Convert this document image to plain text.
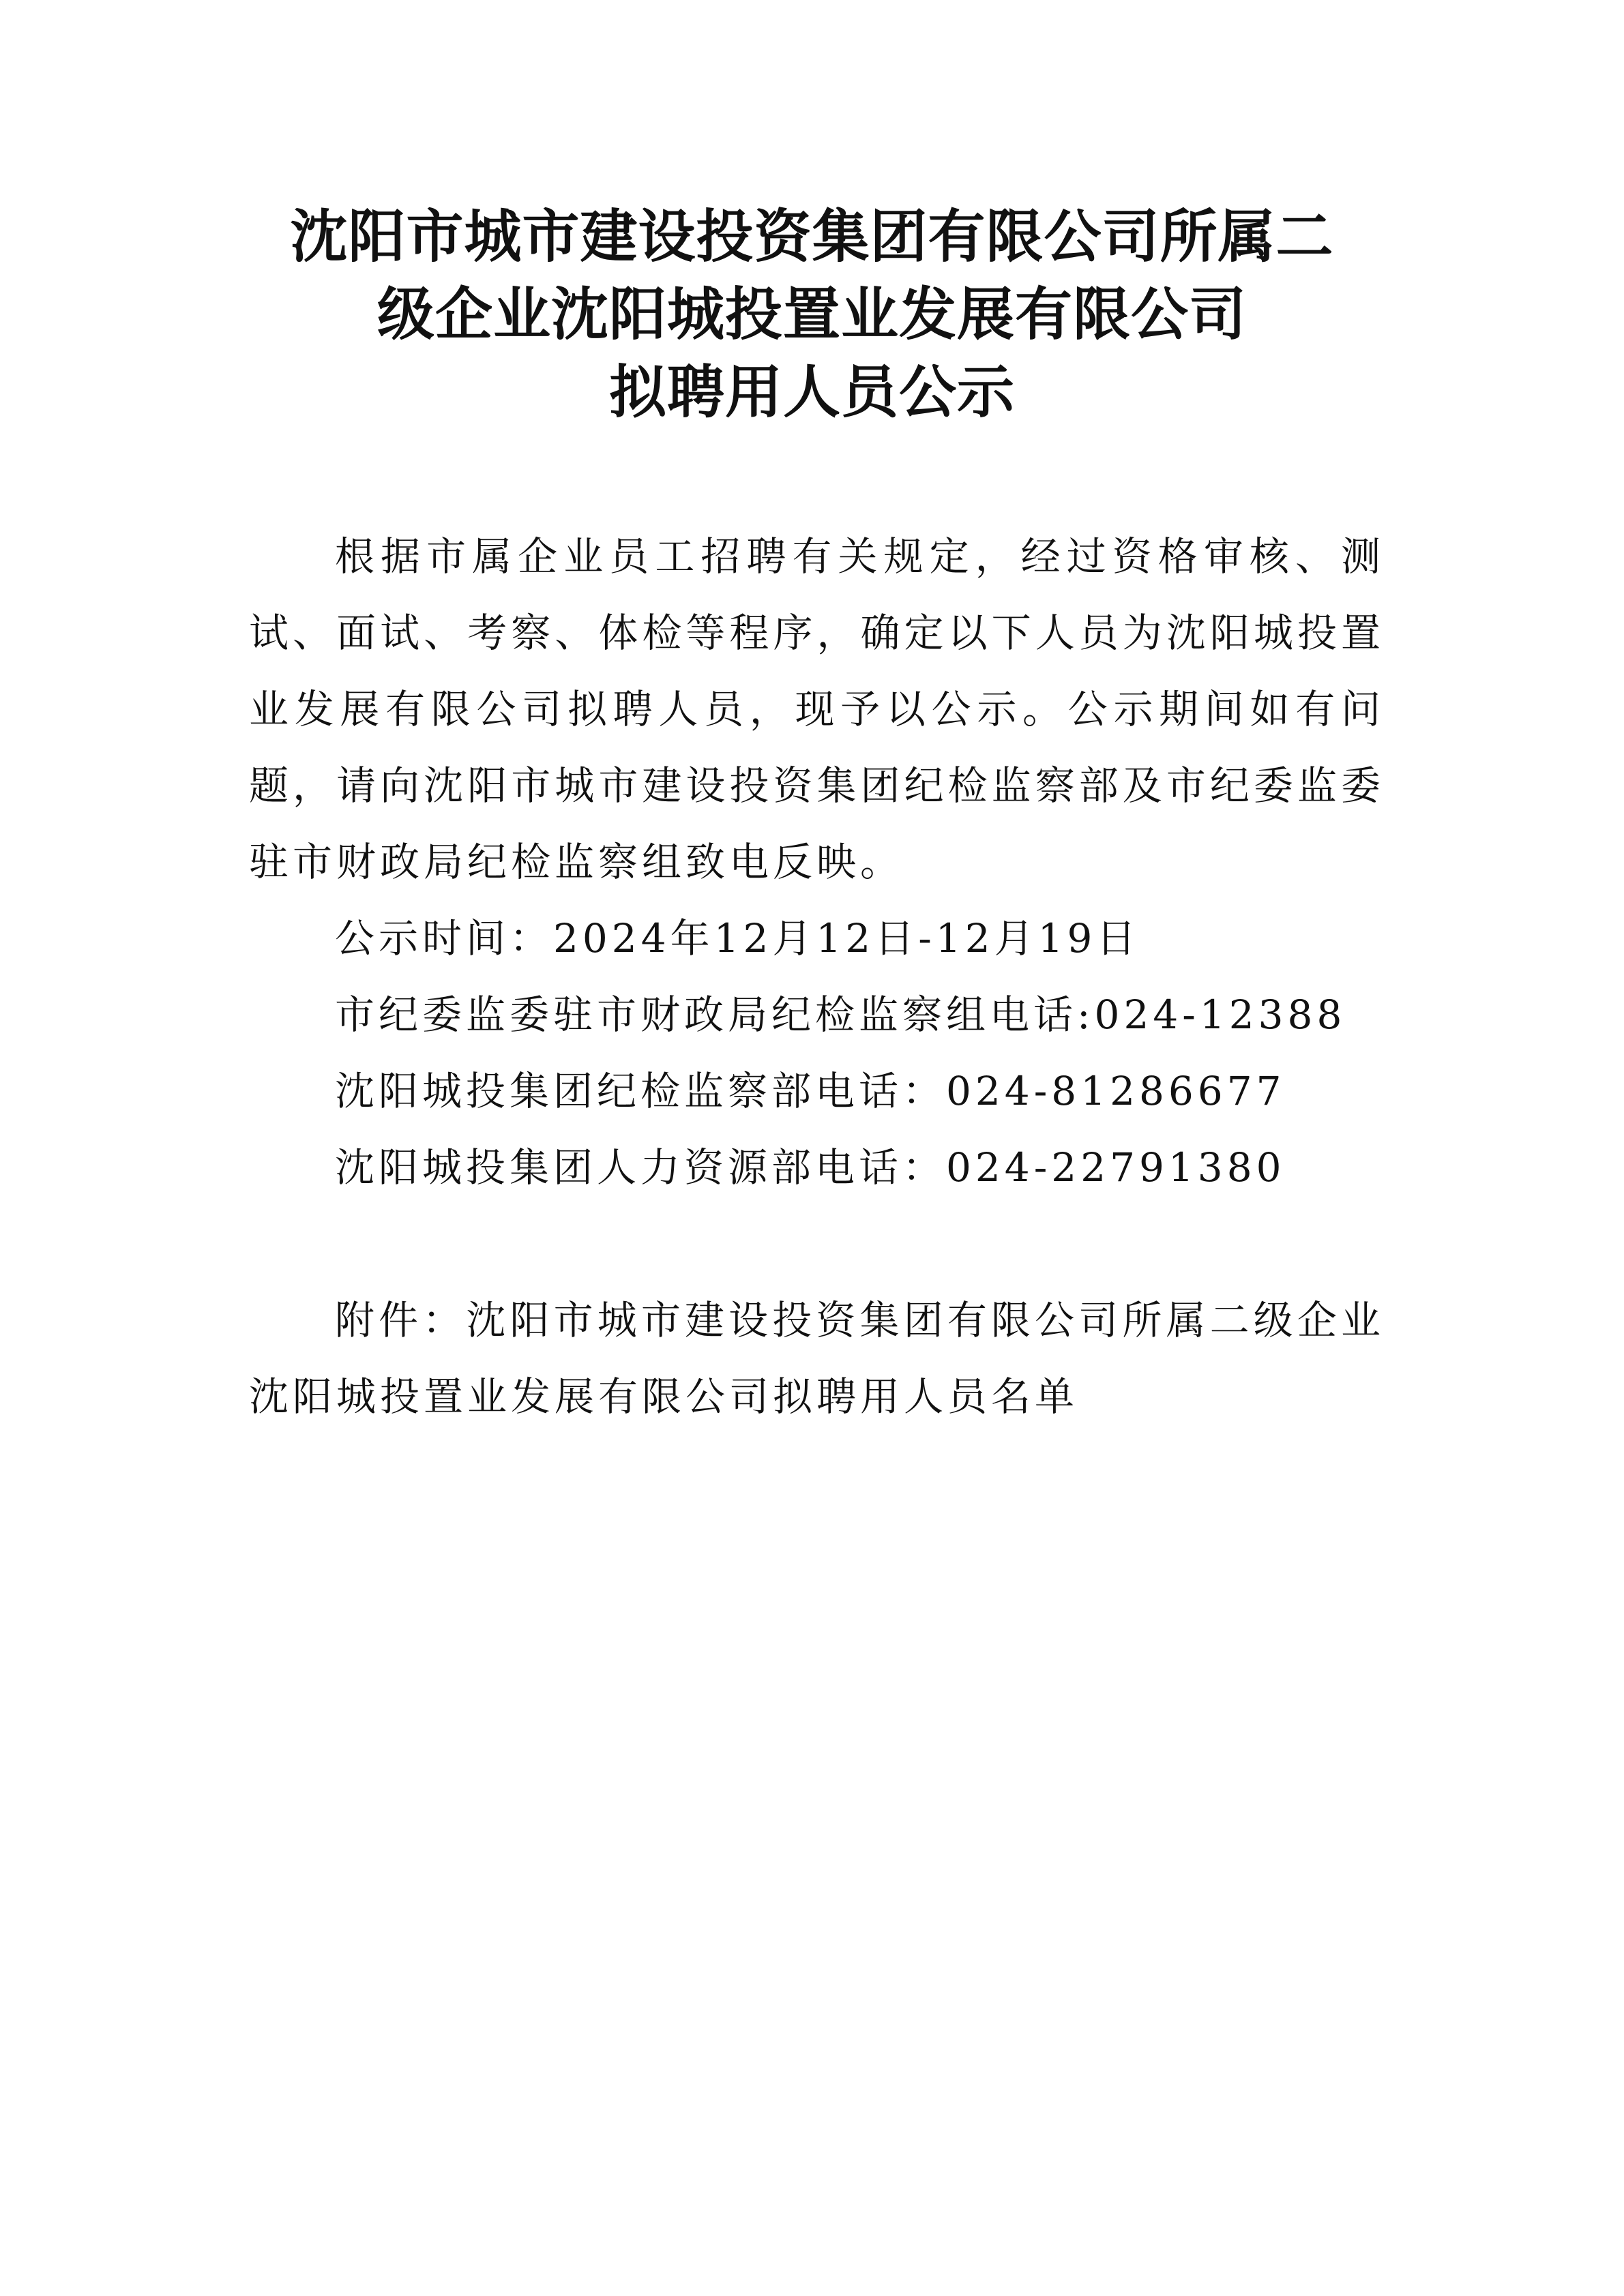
沈阳市城市建设投资集团有限公司所属二
级企业沈阳城投置业发展有限公司
拟聘用人员公示

根据市属企业员工招聘有关规定，经过资格审核、测试、面试、考察、体检等程序，确定以下人员为沈阳城投置业发展有限公司拟聘人员，现予以公示。公示期间如有问题，请向沈阳市城市建设投资集团纪检监察部及市纪委监委驻市财政局纪检监察组致电反映。

公示时间：2024年12月12日-12月19日
市纪委监委驻市财政局纪检监察组电话:024-12388
沈阳城投集团纪检监察部电话：024-81286677
沈阳城投集团人力资源部电话：024-22791380

附件：沈阳市城市建设投资集团有限公司所属二级企业沈阳城投置业发展有限公司拟聘用人员名单
